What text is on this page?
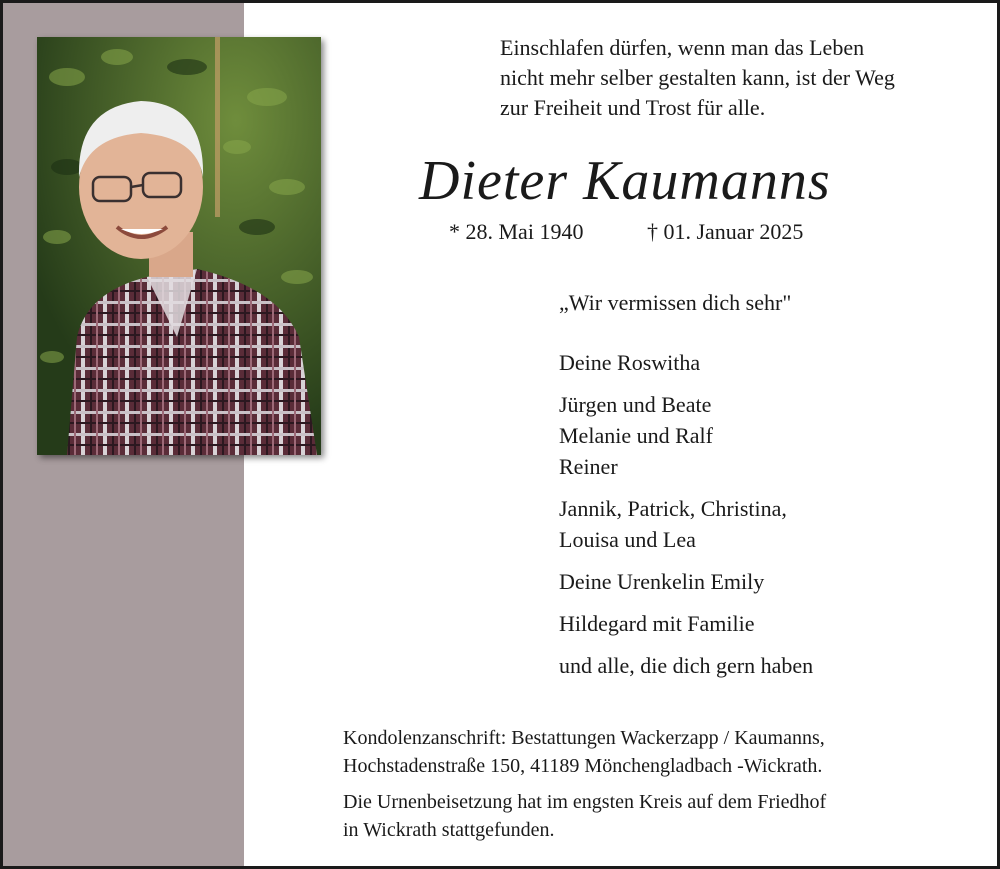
Einschlafen dürfen, wenn man das Leben
nicht mehr selber gestalten kann, ist der Weg
zur Freiheit und Trost für alle.
Dieter Kaumanns
* 28. Mai 1940	† 01. Januar 2025
„Wir vermissen dich sehr"
Deine Roswitha
Jürgen und Beate
Melanie und Ralf
Reiner
Jannik, Patrick, Christina,
Louisa und Lea
Deine Urenkelin Emily
Hildegard mit Familie
und alle, die dich gern haben

Kondolenzanschrift: Bestattungen Wackerzapp / Kaumanns,
Hochstadenstraße 150, 41189 Mönchengladbach -Wickrath.

Die Urnenbeisetzung hat im engsten Kreis auf dem Friedhof
in Wickrath stattgefunden.
